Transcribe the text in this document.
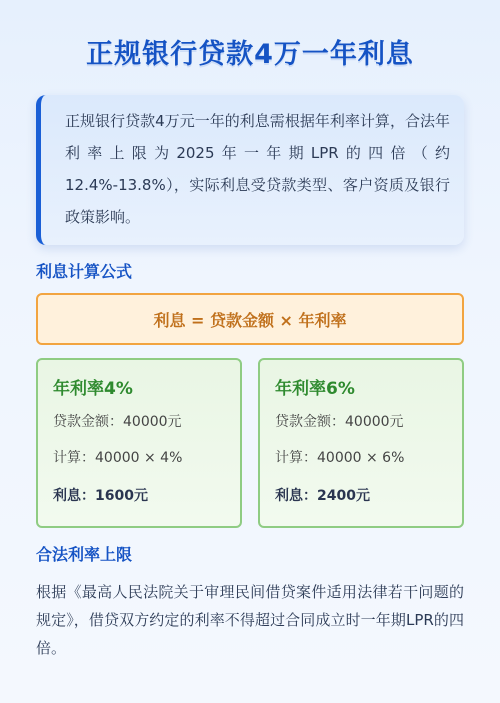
正规银行贷款4万一年利息
正规银行贷款4万元一年的利息需根据年利率计算，合法年利率上限为2025年一年期LPR的四倍（约12.4%-13.8%），实际利息受贷款类型、客户资质及银行政策影响。
利息计算公式
利息 = 贷款金额 × 年利率
年利率4%
贷款金额：40000元
计算：40000 × 4%
利息：1600元
年利率6%
贷款金额：40000元
计算：40000 × 6%
利息：2400元
合法利率上限
根据《最高人民法院关于审理民间借贷案件适用法律若干问题的规定》，借贷双方约定的利率不得超过合同成立时一年期LPR的四倍。
